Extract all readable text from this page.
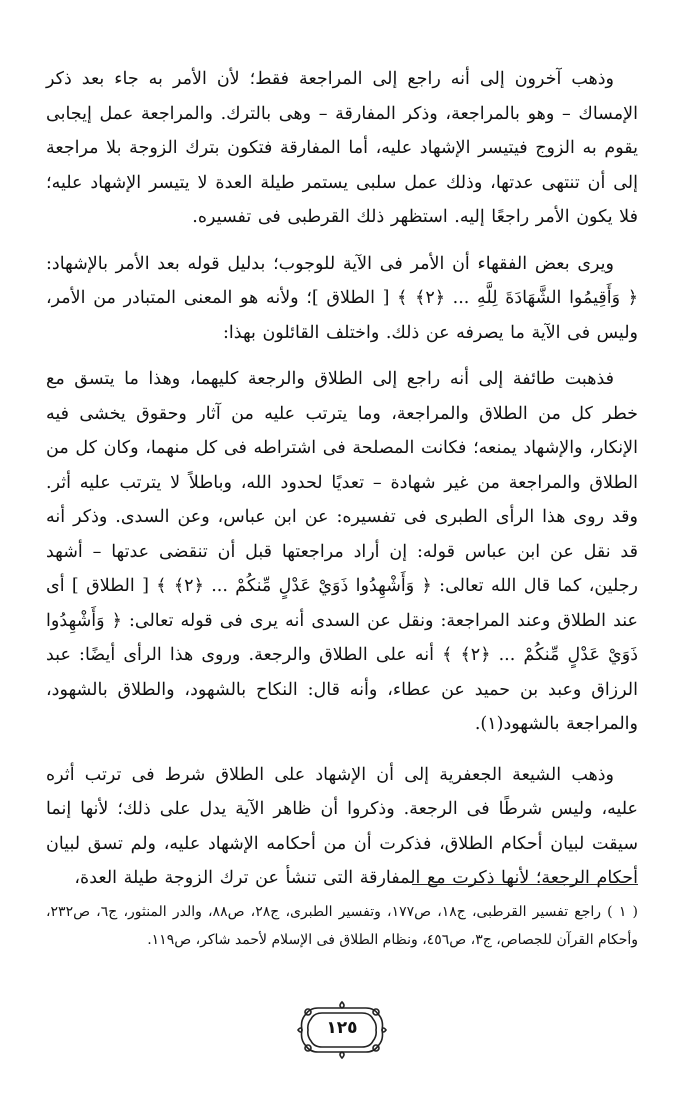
وذهب آخرون إلى أنه راجع إلى المراجعة فقط؛ لأن الأمر به جاء بعد ذكر الإمساك – وهو بالمراجعة، وذكر المفارقة – وهى بالترك. والمراجعة عمل إيجابى يقوم به الزوج فيتيسر الإشهاد عليه، أما المفارقة فتكون بترك الزوجة بلا مراجعة إلى أن تنتهى عدتها، وذلك عمل سلبى يستمر طيلة العدة لا يتيسر الإشهاد عليه؛ فلا يكون الأمر راجعًا إليه. استظهر ذلك القرطبى فى تفسيره.

ويرى بعض الفقهاء أن الأمر فى الآية للوجوب؛ بدليل قوله بعد الأمر بالإشهاد: ﴿ وَأَقِيمُوا الشَّهَادَةَ لِلَّهِ ... ﴿٢﴾ ﴾ [ الطلاق ]؛ ولأنه هو المعنى المتبادر من الأمر، وليس فى الآية ما يصرفه عن ذلك. واختلف القائلون بهذا:

فذهبت طائفة إلى أنه راجع إلى الطلاق والرجعة كليهما، وهذا ما يتسق مع خطر كل من الطلاق والمراجعة، وما يترتب عليه من آثار وحقوق يخشى فيه الإنكار، والإشهاد يمنعه؛ فكانت المصلحة فى اشتراطه فى كل منهما، وكان كل من الطلاق والمراجعة من غير شهادة – تعديًا لحدود الله، وباطلاً لا يترتب عليه أثر. وقد روى هذا الرأى الطبرى فى تفسيره: عن ابن عباس، وعن السدى. وذكر أنه قد نقل عن ابن عباس قوله: إن أراد مراجعتها قبل أن تنقضى عدتها – أشهد رجلين، كما قال الله تعالى: ﴿ وَأَشْهِدُوا ذَوَيْ عَدْلٍ مِّنكُمْ ... ﴿٢﴾ ﴾ [ الطلاق ] أى عند الطلاق وعند المراجعة: ونقل عن السدى أنه يرى فى قوله تعالى: ﴿ وَأَشْهِدُوا ذَوَيْ عَدْلٍ مِّنكُمْ ... ﴿٢﴾ ﴾ أنه على الطلاق والرجعة. وروى هذا الرأى أيضًا: عبد الرزاق وعبد بن حميد عن عطاء، وأنه قال: النكاح بالشهود، والطلاق بالشهود، والمراجعة بالشهود(١).

وذهب الشيعة الجعفرية إلى أن الإشهاد على الطلاق شرط فى ترتب أثره عليه، وليس شرطًا فى الرجعة. وذكروا أن ظاهر الآية يدل على ذلك؛ لأنها إنما سيقت لبيان أحكام الطلاق، فذكرت أن من أحكامه الإشهاد عليه، ولم تسق لبيان أحكام الرجعة؛ لأنها ذكرت مع المفارقة التى تنشأ عن ترك الزوجة طيلة العدة،

( ١ ) راجع تفسير القرطبى، ج١٨، ص١٧٧، وتفسير الطبرى، ج٢٨، ص٨٨، والدر المنثور، ج٦، ص٢٣٢، وأحكام القرآن للجصاص، ج٣، ص٤٥٦، ونظام الطلاق فى الإسلام لأحمد شاكر، ص١١٩.

١٢٥
